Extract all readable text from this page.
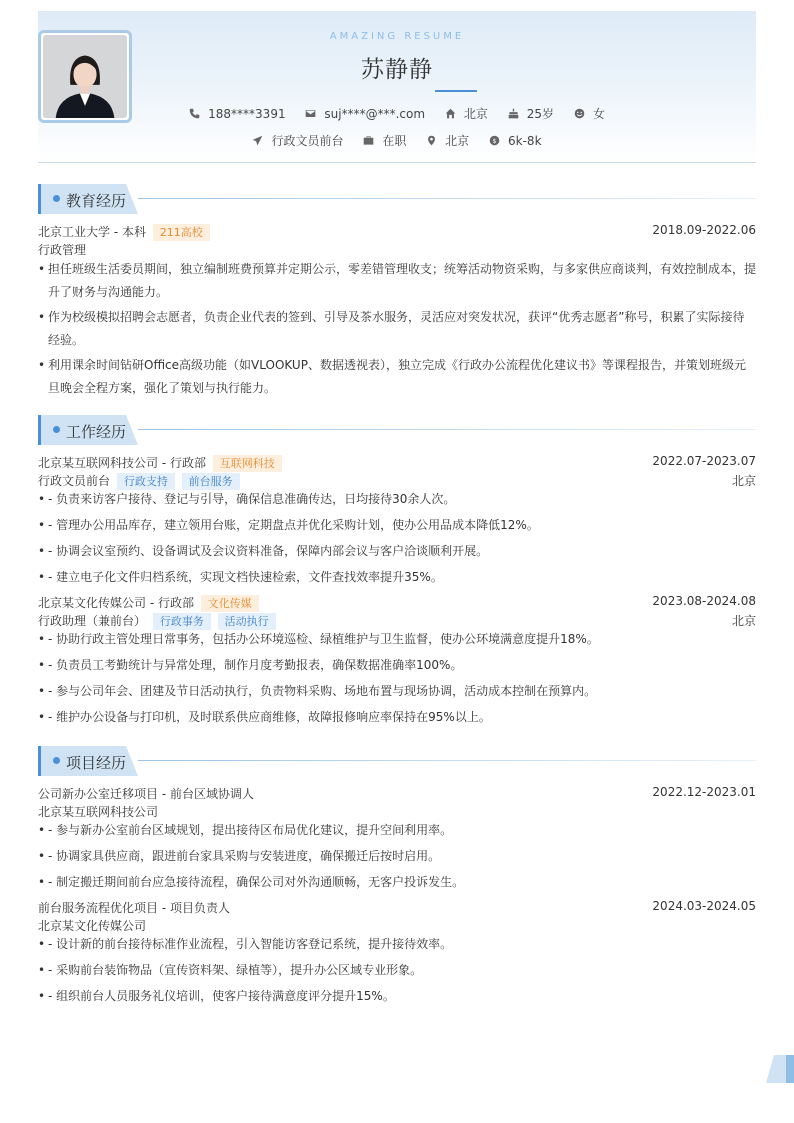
AMAZING RESUME
苏静静
188****3391
	suj****@***.com
	北京
	25岁
	女
行政文员前台
	在职
	北京
	$ 6k-8k
教育经历
北京工业大学 - 本科 211高校	2018.09-2022.06
行政管理
• 担任班级生活委员期间，独立编制班费预算并定期公示，零差错管理收支；统筹活动物资采购，与多家供应商谈判，有效控制成本，提升了财务与沟通能力。
• 作为校级模拟招聘会志愿者，负责企业代表的签到、引导及茶水服务，灵活应对突发状况，获评“优秀志愿者”称号，积累了实际接待经验。
• 利用课余时间钻研Office高级功能（如VLOOKUP、数据透视表），独立完成《行政办公流程优化建议书》等课程报告，并策划班级元旦晚会全程方案，强化了策划与执行能力。
工作经历
北京某互联网科技公司 - 行政部 互联网科技	2022.07-2023.07
行政文员前台 行政支持 前台服务	北京
• - 负责来访客户接待、登记与引导，确保信息准确传达，日均接待30余人次。
• - 管理办公用品库存，建立领用台账，定期盘点并优化采购计划，使办公用品成本降低12%。
• - 协调会议室预约、设备调试及会议资料准备，保障内部会议与客户洽谈顺利开展。
• - 建立电子化文件归档系统，实现文档快速检索，文件查找效率提升35%。
北京某文化传媒公司 - 行政部 文化传媒	2023.08-2024.08
行政助理（兼前台） 行政事务 活动执行	北京
• - 协助行政主管处理日常事务，包括办公环境巡检、绿植维护与卫生监督，使办公环境满意度提升18%。
• - 负责员工考勤统计与异常处理，制作月度考勤报表，确保数据准确率100%。
• - 参与公司年会、团建及节日活动执行，负责物料采购、场地布置与现场协调，活动成本控制在预算内。
• - 维护办公设备与打印机，及时联系供应商维修，故障报修响应率保持在95%以上。
项目经历
公司新办公室迁移项目 - 前台区域协调人	2022.12-2023.01
北京某互联网科技公司
• - 参与新办公室前台区域规划，提出接待区布局优化建议，提升空间利用率。
• - 协调家具供应商，跟进前台家具采购与安装进度，确保搬迁后按时启用。
• - 制定搬迁期间前台应急接待流程，确保公司对外沟通顺畅，无客户投诉发生。
前台服务流程优化项目 - 项目负责人	2024.03-2024.05
北京某文化传媒公司
• - 设计新的前台接待标准作业流程，引入智能访客登记系统，提升接待效率。
• - 采购前台装饰物品（宣传资料架、绿植等），提升办公区域专业形象。
• - 组织前台人员服务礼仪培训，使客户接待满意度评分提升15%。
